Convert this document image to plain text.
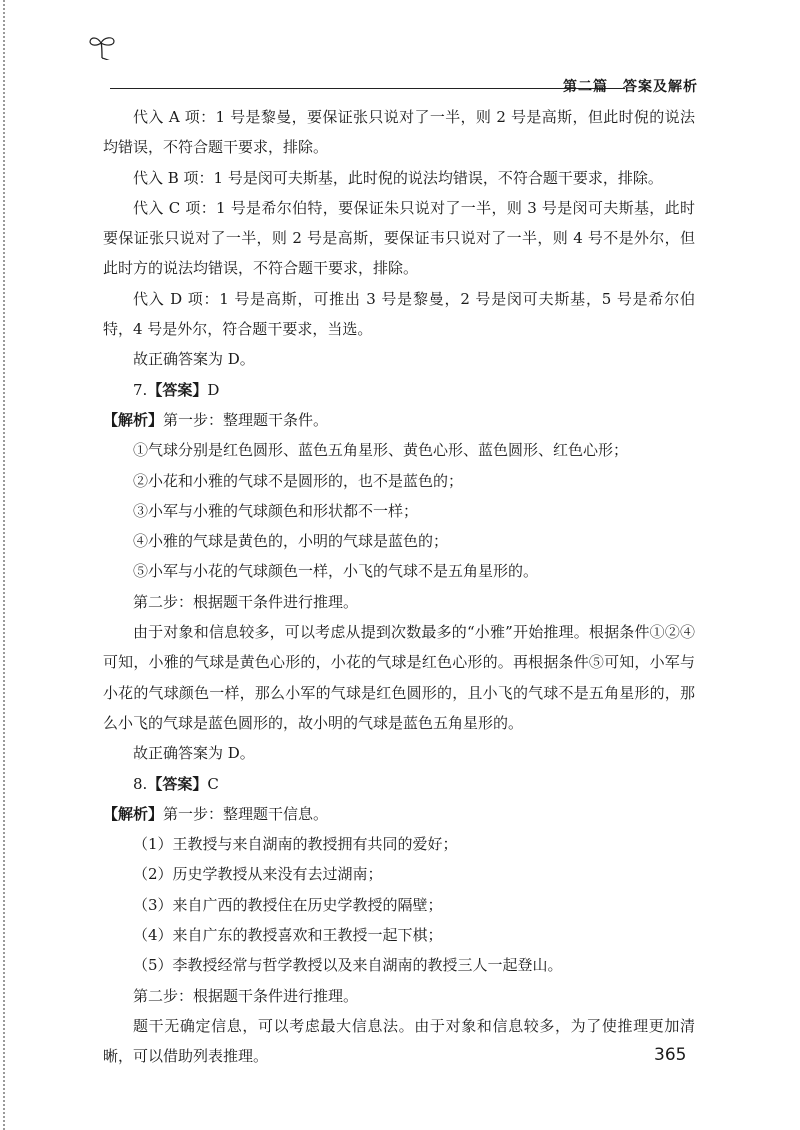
第二篇　答案及解析

代入 A 项：1 号是黎曼，要保证张只说对了一半，则 2 号是高斯，但此时倪的说法均错误，不符合题干要求，排除。

代入 B 项：1 号是闵可夫斯基，此时倪的说法均错误，不符合题干要求，排除。

代入 C 项：1 号是希尔伯特，要保证朱只说对了一半，则 3 号是闵可夫斯基，此时要保证张只说对了一半，则 2 号是高斯，要保证韦只说对了一半，则 4 号不是外尔，但此时方的说法均错误，不符合题干要求，排除。

代入 D 项：1 号是高斯，可推出 3 号是黎曼，2 号是闵可夫斯基，5 号是希尔伯特，4 号是外尔，符合题干要求，当选。

故正确答案为 D。

7.【答案】D

【解析】第一步：整理题干条件。

①气球分别是红色圆形、蓝色五角星形、黄色心形、蓝色圆形、红色心形；

②小花和小雅的气球不是圆形的，也不是蓝色的；

③小军与小雅的气球颜色和形状都不一样；

④小雅的气球是黄色的，小明的气球是蓝色的；

⑤小军与小花的气球颜色一样，小飞的气球不是五角星形的。

第二步：根据题干条件进行推理。

由于对象和信息较多，可以考虑从提到次数最多的“小雅”开始推理。根据条件①②④可知，小雅的气球是黄色心形的，小花的气球是红色心形的。再根据条件⑤可知，小军与小花的气球颜色一样，那么小军的气球是红色圆形的，且小飞的气球不是五角星形的，那么小飞的气球是蓝色圆形的，故小明的气球是蓝色五角星形的。

故正确答案为 D。

8.【答案】C

【解析】第一步：整理题干信息。

（1）王教授与来自湖南的教授拥有共同的爱好；

（2）历史学教授从来没有去过湖南；

（3）来自广西的教授住在历史学教授的隔壁；

（4）来自广东的教授喜欢和王教授一起下棋；

（5）李教授经常与哲学教授以及来自湖南的教授三人一起登山。

第二步：根据题干条件进行推理。

题干无确定信息，可以考虑最大信息法。由于对象和信息较多，为了使推理更加清晰，可以借助列表推理。	365
